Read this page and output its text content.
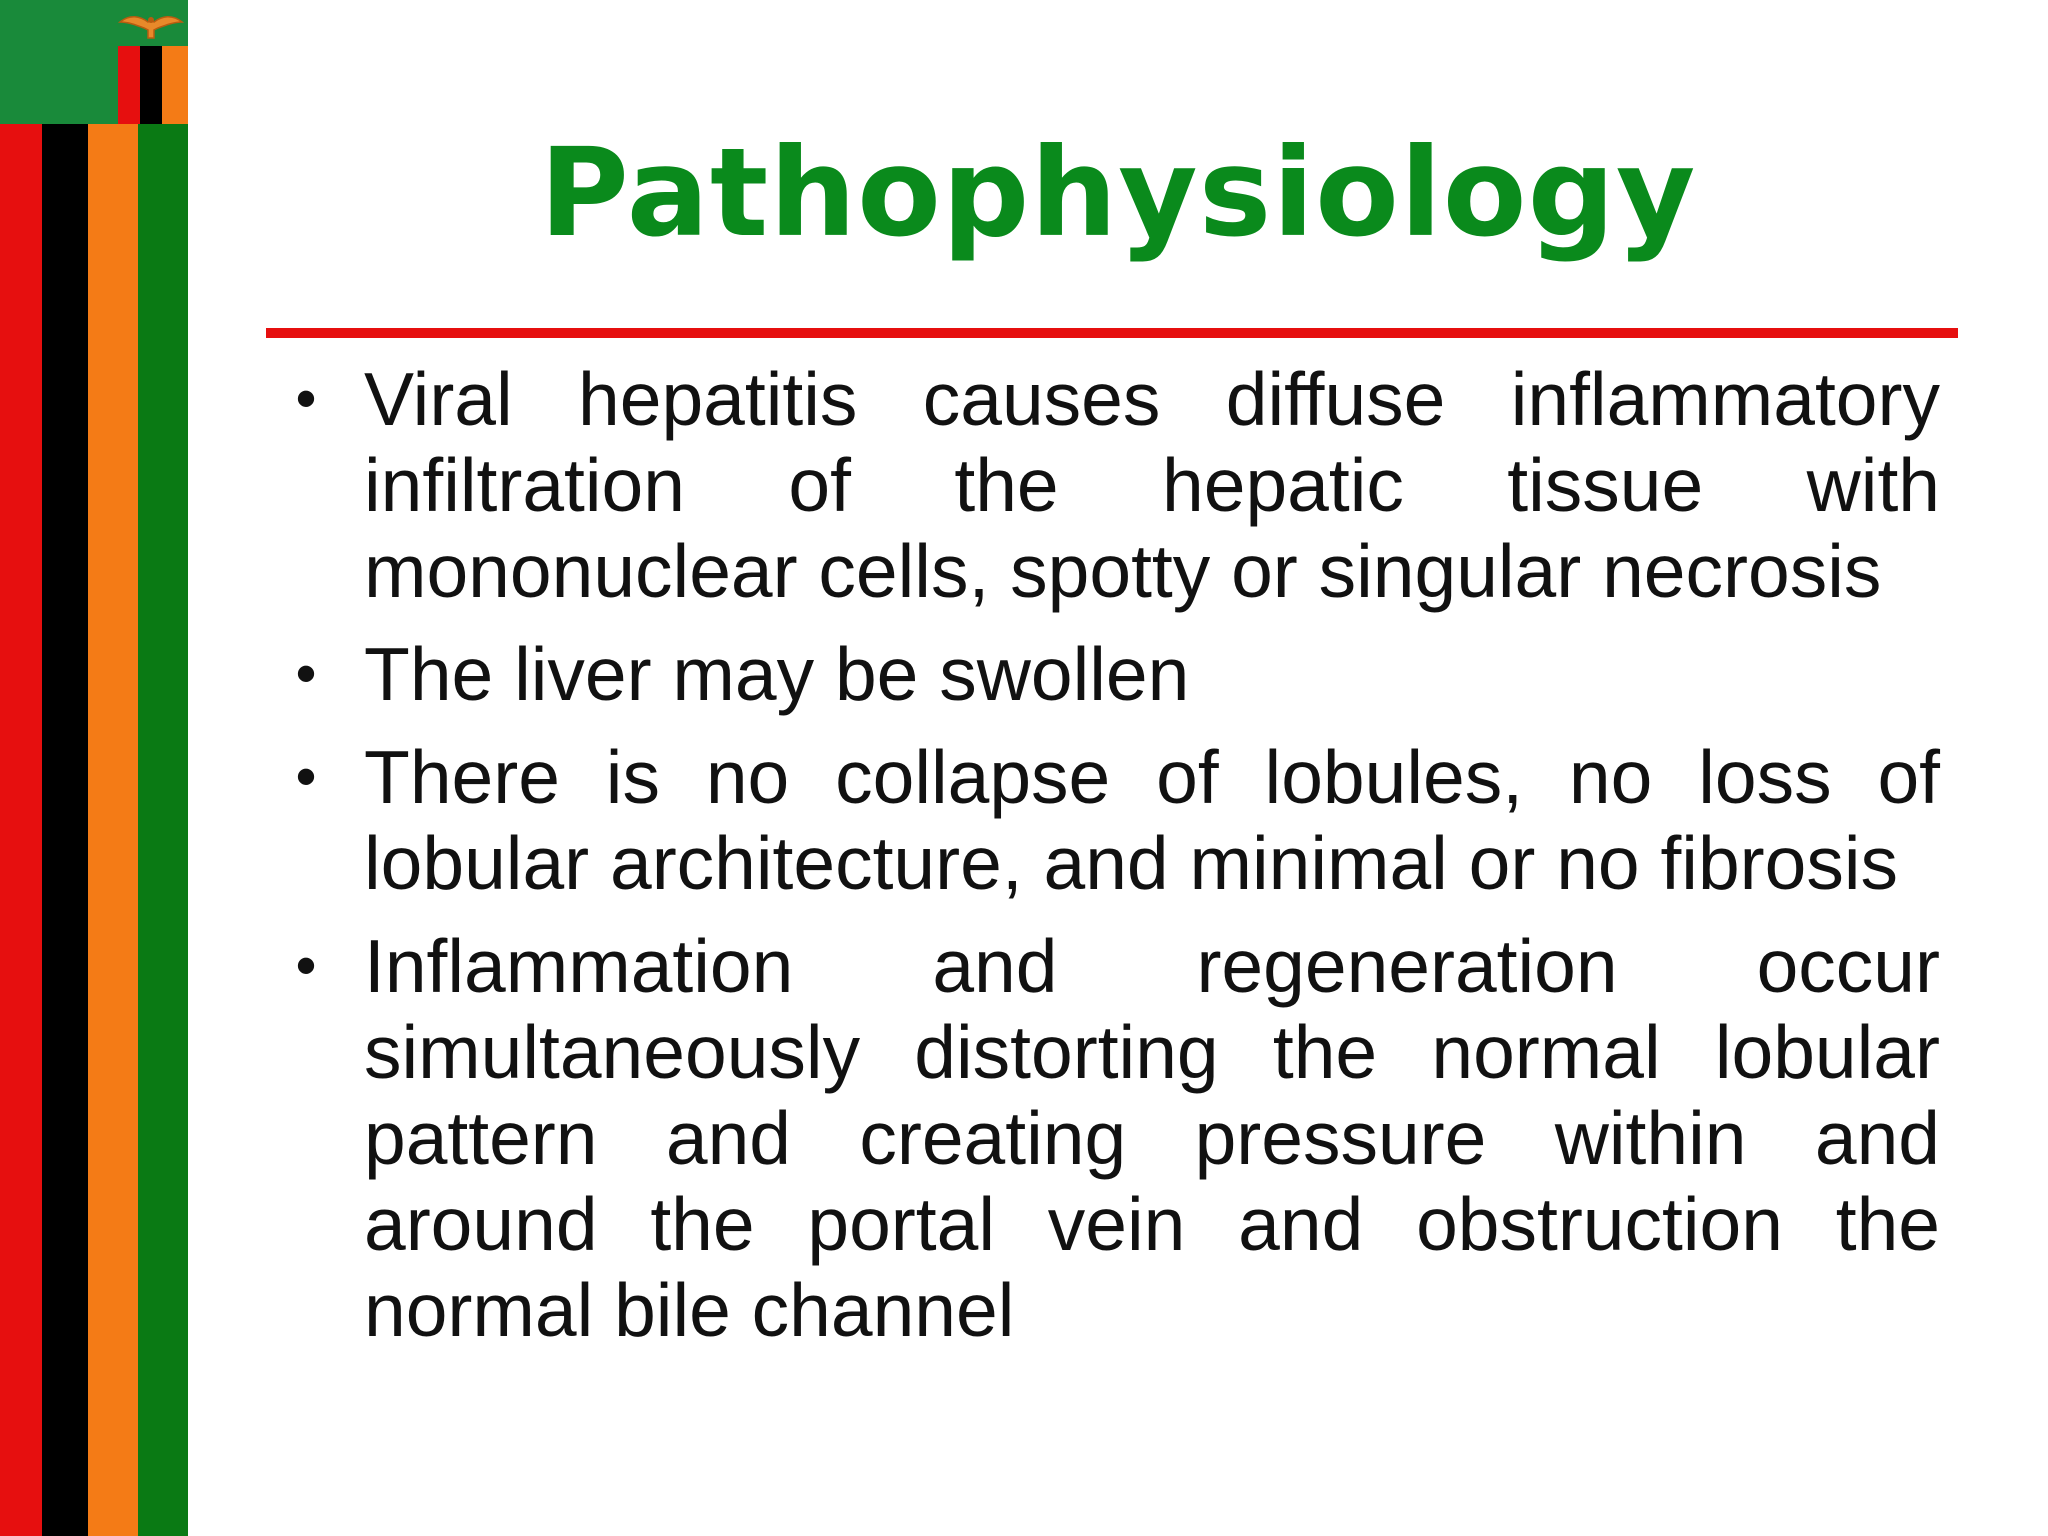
Pathophysiology
• Viral hepatitis causes diffuse inflammatory infiltration of the hepatic tissue with mononuclear cells, spotty or singular necrosis
• The liver may be swollen
• There is no collapse of lobules, no loss of lobular architecture, and minimal or no fibrosis
• Inflammation and regeneration occur simultaneously distorting the normal lobular pattern and creating pressure within and around the portal vein and obstruction the normal bile channel
